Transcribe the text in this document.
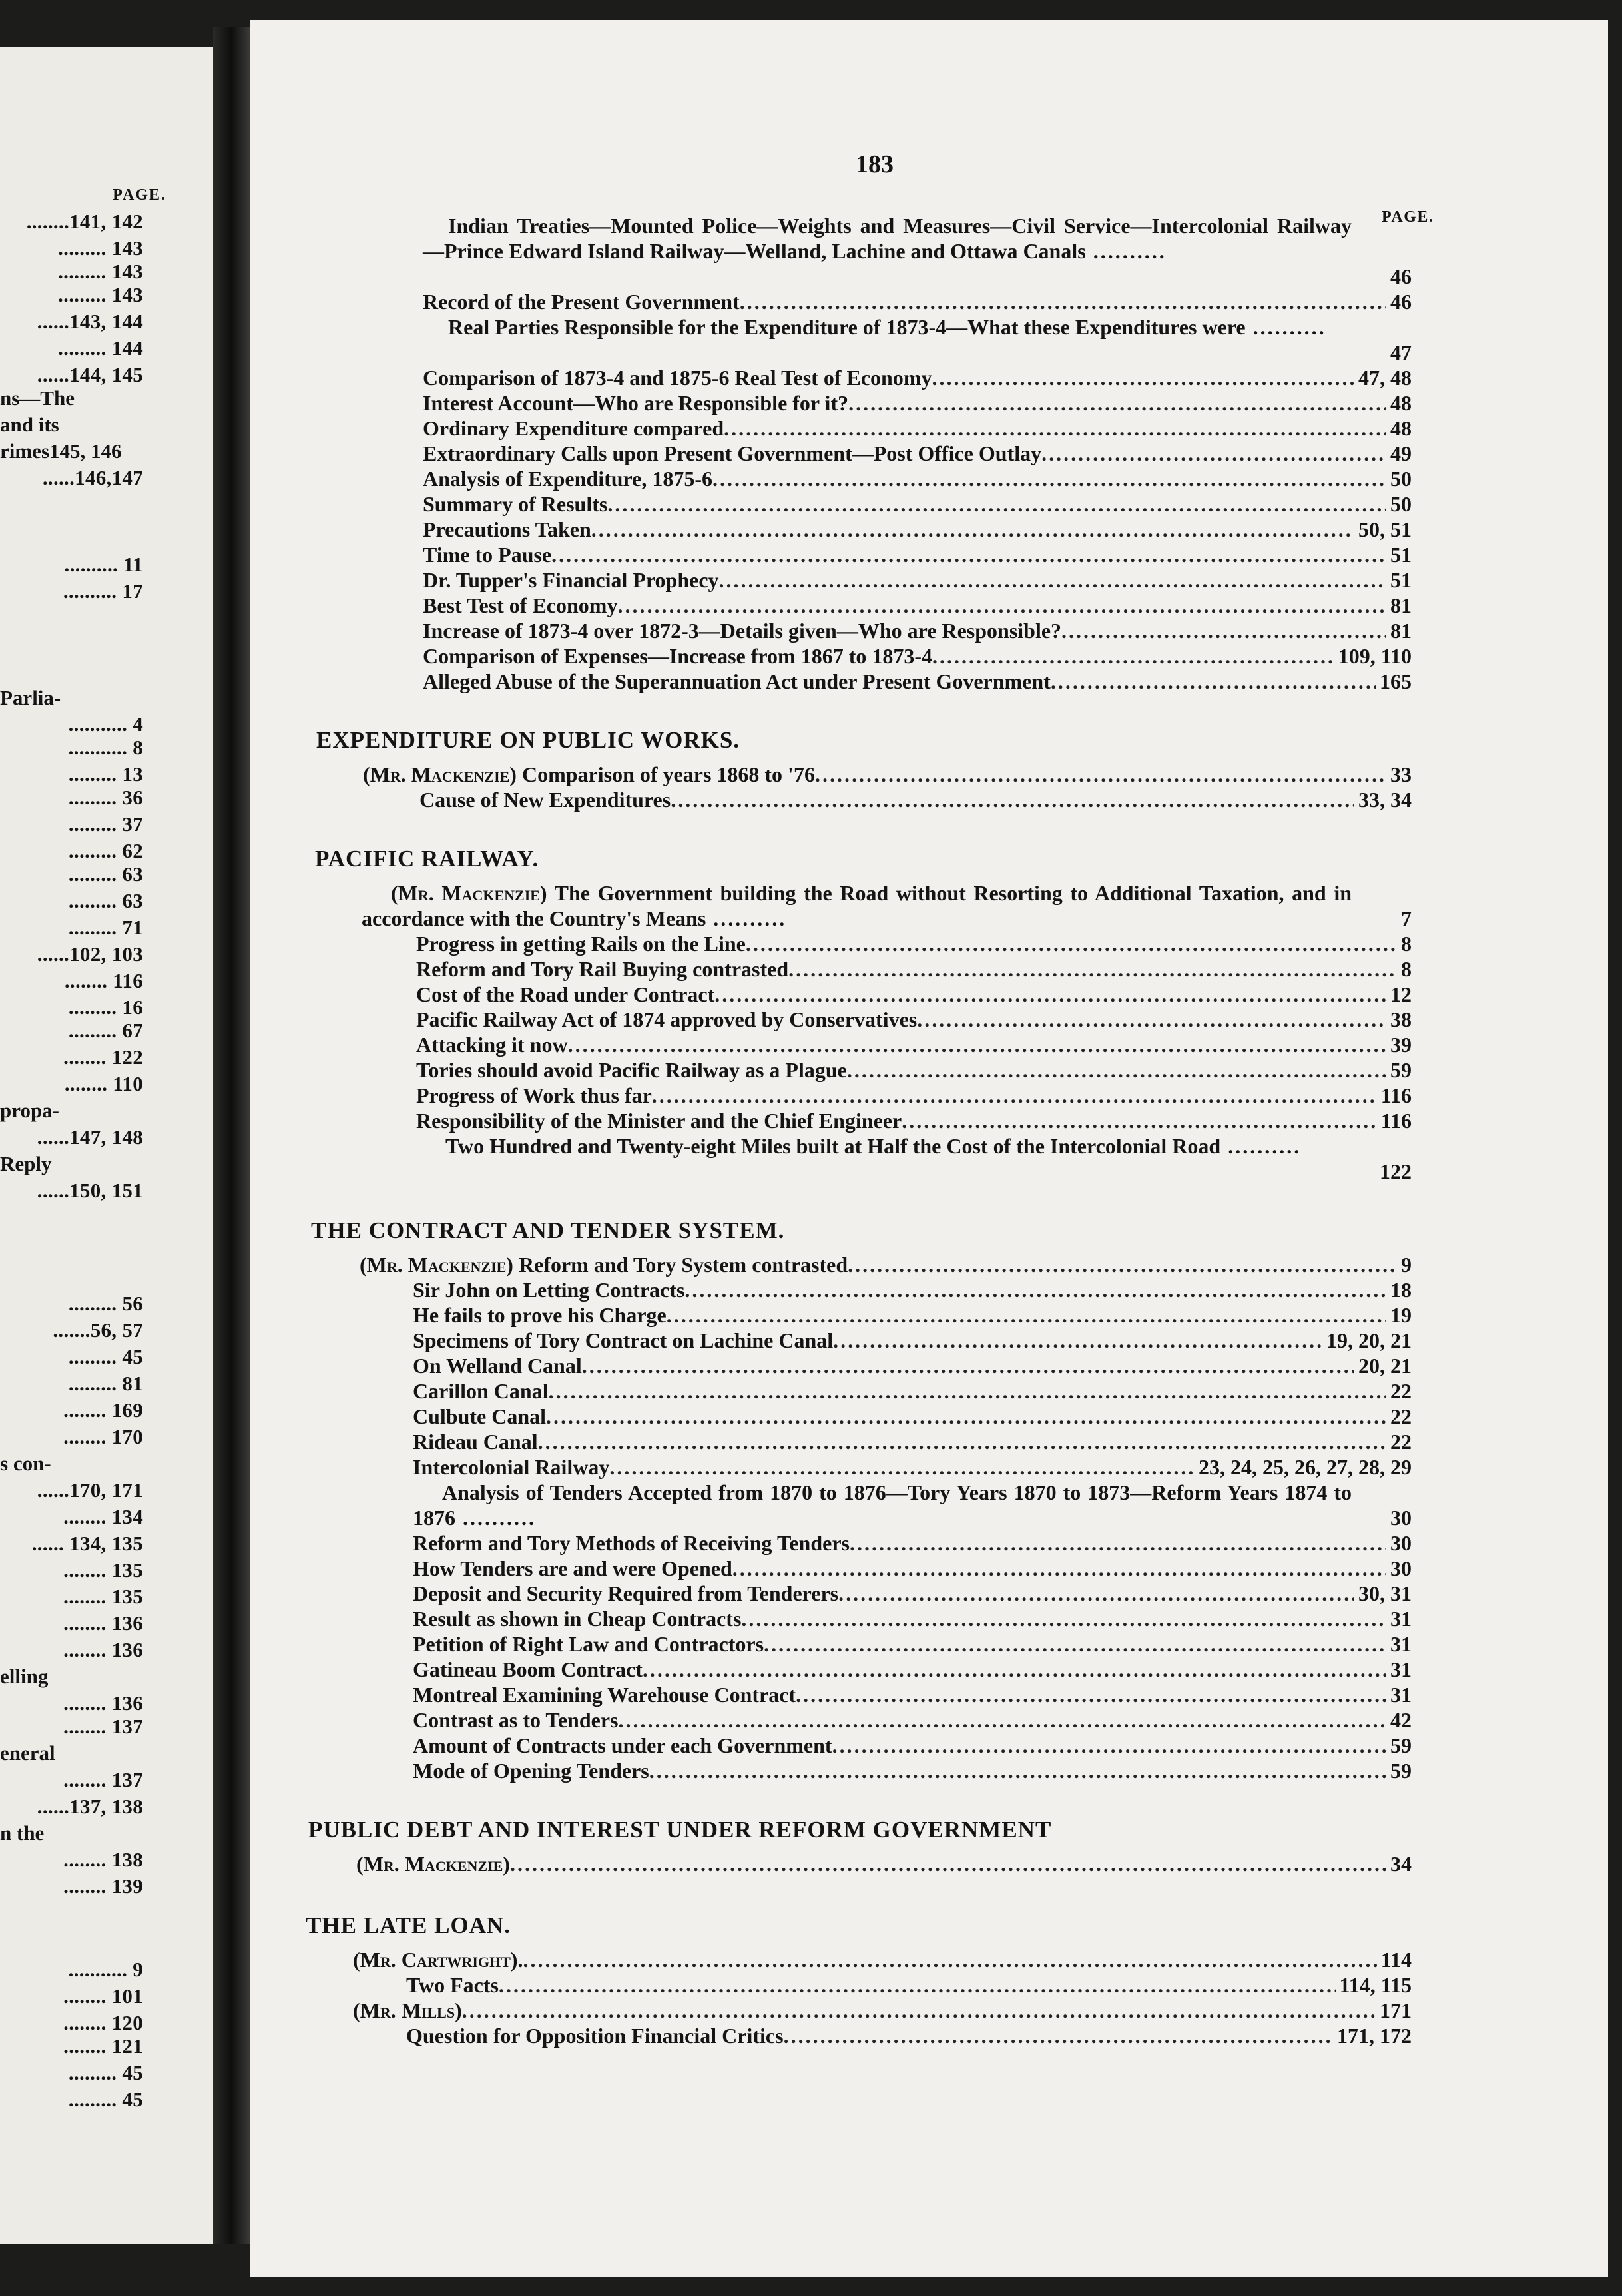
PAGE.
........141, 142
......... 143
......... 143
......... 143
......143, 144
......... 144
......144, 145
ns—The
and its
rimes145, 146
......146,147
.......... 11
.......... 17
Parlia-
........... 4
........... 8
......... 13
......... 36
......... 37
......... 62
......... 63
......... 63
......... 71
......102, 103
........ 116
......... 16
......... 67
........ 122
........ 110
propa-
......147, 148
Reply
......150, 151
......... 56
.......56, 57
......... 45
......... 81
........ 169
........ 170
s con-
......170, 171
........ 134
...... 134, 135
........ 135
........ 135
........ 136
........ 136
elling
........ 136
........ 137
eneral
........ 137
......137, 138
n the
........ 138
........ 139
........... 9
........ 101
........ 120
........ 121
......... 45
......... 45
183
PAGE.
Indian Treaties—Mounted Police—Weights and Measures—Civil Service—Intercolonial Railway—Prince Edward Island Railway—Welland, Lachine and Ottawa Canals ..........
46
Record of the Present Government .....	46
Real Parties Responsible for the Expenditure of 1873-4—What these Expenditures were ..........
47
Comparison of 1873-4 and 1875-6 Real Test of Economy .....	47, 48
Interest Account—Who are Responsible for it? .....	48
Ordinary Expenditure compared .....	48
Extraordinary Calls upon Present Government—Post Office Outlay .....	49
Analysis of Expenditure, 1875-6 .....	50
Summary of Results .....	50
Precautions Taken .....	50, 51
Time to Pause .....	51
Dr. Tupper's Financial Prophecy .....	51
Best Test of Economy .....	81
Increase of 1873-4 over 1872-3—Details given—Who are Responsible? .....	81
Comparison of Expenses—Increase from 1867 to 1873-4 .....	109, 110
Alleged Abuse of the Superannuation Act under Present Government .....	165
EXPENDITURE ON PUBLIC WORKS.
(Mr. Mackenzie) Comparison of years 1868 to '76 .....	33
Cause of New Expenditures .....	33, 34
PACIFIC RAILWAY.
(Mr. Mackenzie) The Government building the Road without Resorting to Additional Taxation, and in accordance with the Country's Means ..........	7
Progress in getting Rails on the Line .....	8
Reform and Tory Rail Buying contrasted .....	8
Cost of the Road under Contract .....	12
Pacific Railway Act of 1874 approved by Conservatives .....	38
Attacking it now .....	39
Tories should avoid Pacific Railway as a Plague .....	59
Progress of Work thus far .....	116
Responsibility of the Minister and the Chief Engineer .....	116
Two Hundred and Twenty-eight Miles built at Half the Cost of the Intercolonial Road ..........
122
THE CONTRACT AND TENDER SYSTEM.
(Mr. Mackenzie) Reform and Tory System contrasted .....	9
Sir John on Letting Contracts .....	18
He fails to prove his Charge .....	19
Specimens of Tory Contract on Lachine Canal .....	19, 20, 21
On Welland Canal .....	20, 21
Carillon Canal .....	22
Culbute Canal .....	22
Rideau Canal .....	22
Intercolonial Railway .....	23, 24, 25, 26, 27, 28, 29
Analysis of Tenders Accepted from 1870 to 1876—Tory Years 1870 to 1873—Reform Years 1874 to 1876 ..........	30
Reform and Tory Methods of Receiving Tenders .....	30
How Tenders are and were Opened .....	30
Deposit and Security Required from Tenderers .....	30, 31
Result as shown in Cheap Contracts .....	31
Petition of Right Law and Contractors .....	31
Gatineau Boom Contract .....	31
Montreal Examining Warehouse Contract .....	31
Contrast as to Tenders .....	42
Amount of Contracts under each Government .....	59
Mode of Opening Tenders .....	59
PUBLIC DEBT AND INTEREST UNDER REFORM GOVERNMENT
(Mr. Mackenzie) .....	34
THE LATE LOAN.
(Mr. Cartwright). .....	114
Two Facts .....	114, 115
(Mr. Mills) .....	171
Question for Opposition Financial Critics .....	171, 172
